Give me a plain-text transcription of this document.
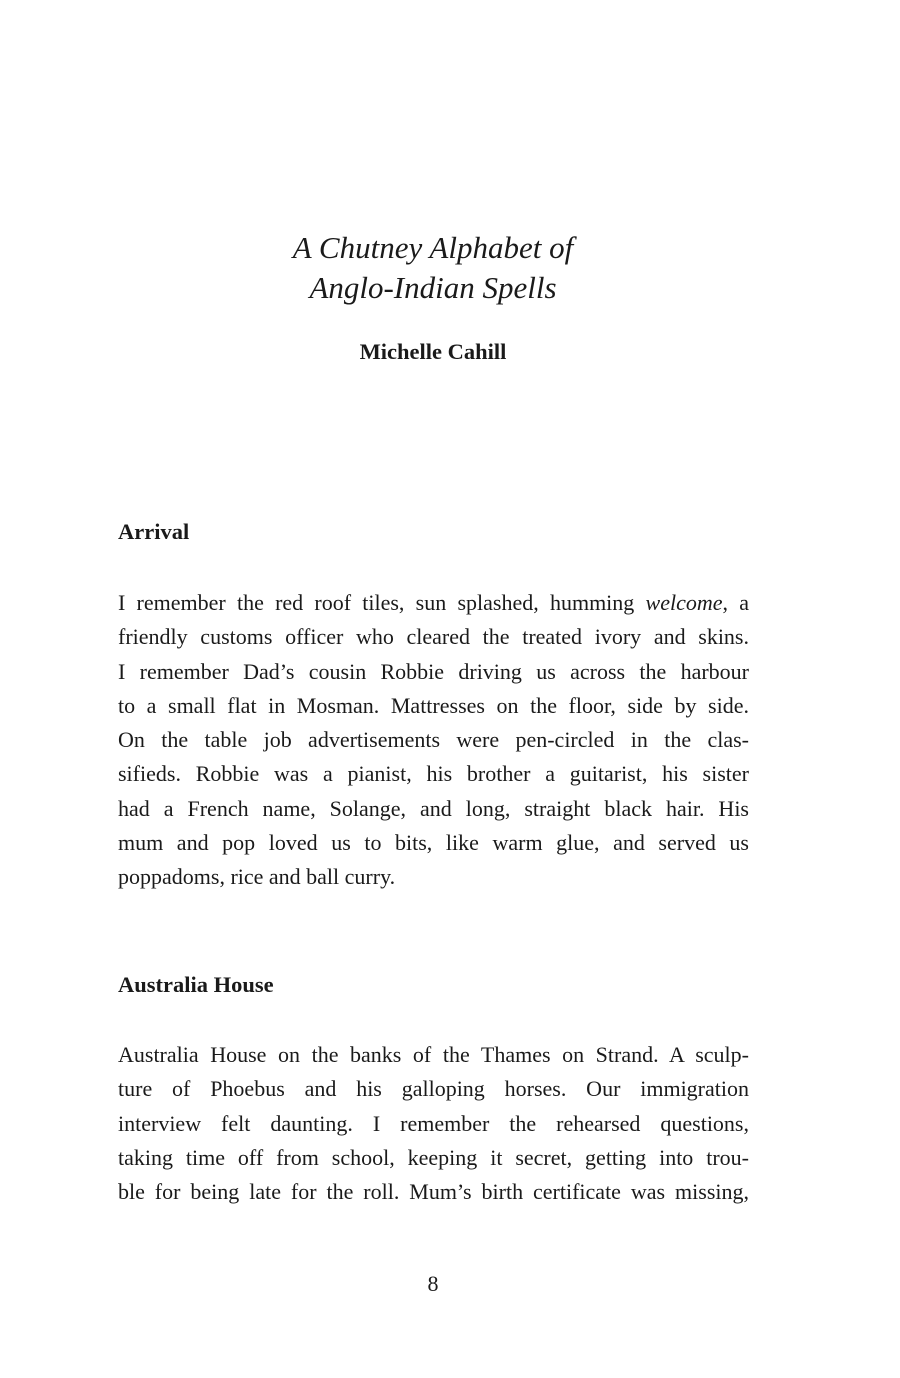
A Chutney Alphabet of
Anglo-Indian Spells
Michelle Cahill
Arrival
I remember the red roof tiles, sun splashed, humming welcome, a
friendly customs officer who cleared the treated ivory and skins.
I remember Dad’s cousin Robbie driving us across the harbour
to a small flat in Mosman. Mattresses on the floor, side by side.
On the table job advertisements were pen-circled in the clas-
sifieds. Robbie was a pianist, his brother a guitarist, his sister
had a French name, Solange, and long, straight black hair. His
mum and pop loved us to bits, like warm glue, and served us
poppadoms, rice and ball curry.
Australia House
Australia House on the banks of the Thames on Strand. A sculp-
ture of Phoebus and his galloping horses. Our immigration
interview felt daunting. I remember the rehearsed questions,
taking time off from school, keeping it secret, getting into trou-
ble for being late for the roll. Mum’s birth certificate was missing,
8
